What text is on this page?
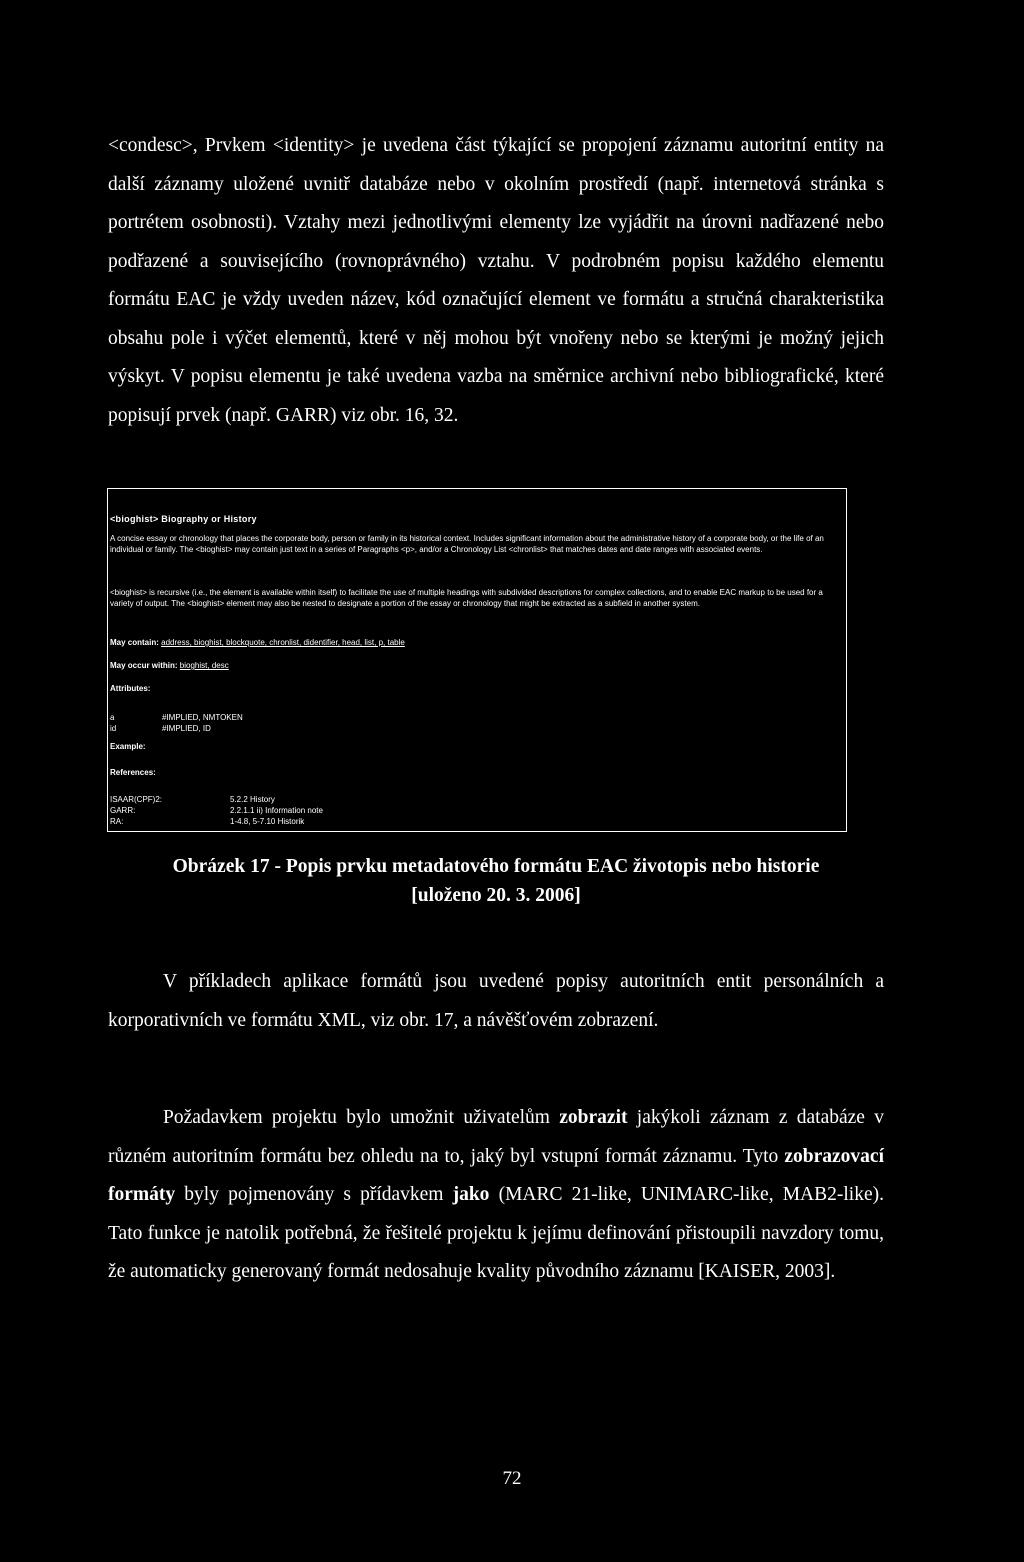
<condesc>, Prvkem <identity> je uvedena část týkající se propojení záznamu autoritní entity na další záznamy uložené uvnitř databáze nebo v okolním prostředí (např. internetová stránka s portrétem osobnosti). Vztahy mezi jednotlivými elementy lze vyjádřit na úrovni nadřazené nebo podřazené a souvisejícího (rovnoprávného) vztahu. V podrobném popisu každého elementu formátu EAC je vždy uveden název, kód označující element ve formátu a stručná charakteristika obsahu pole i výčet elementů, které v něj mohou být vnořeny nebo se kterými je možný jejich výskyt. V popisu elementu je také uvedena vazba na směrnice archivní nebo bibliografické, které popisují prvek (např. GARR) viz obr. 16, 32.

<bioghist> Biography or History
A concise essay or chronology that places the corporate body, person or family in its historical context. Includes significant information about the administrative history of a corporate body, or the life of an individual or family. The <bioghist> may contain just text in a series of Paragraphs <p>, and/or a Chronology List <chronlist> that matches dates and date ranges with associated events.
<bioghist> is recursive (i.e., the element is available within itself) to facilitate the use of multiple headings with subdivided descriptions for complex collections, and to enable EAC markup to be used for a variety of output. The <bioghist> element may also be nested to designate a portion of the essay or chronology that might be extracted as a subfield in another system.
May contain: address, bioghist, blockquote, chronlist, didentifier, head, list, p, table
May occur within: bioghist, desc
Attributes:
a	#IMPLIED, NMTOKEN
id	#IMPLIED, ID
Example:
References:
ISAAR(CPF)2:	5.2.2 History
GARR:	2.2.1.1 ii) Information note
RA:	1-4.8, 5-7.10 Historik
Obrázek 17 - Popis prvku metadatového formátu EAC životopis nebo historie
[uloženo 20. 3. 2006]

V příkladech aplikace formátů jsou uvedené popisy autoritních entit personálních a korporativních ve formátu XML, viz obr. 17, a návěšťovém zobrazení.

Požadavkem projektu bylo umožnit uživatelům zobrazit jakýkoli záznam z databáze v různém autoritním formátu bez ohledu na to, jaký byl vstupní formát záznamu. Tyto zobrazovací formáty byly pojmenovány s přídavkem jako (MARC 21-like, UNIMARC-like, MAB2-like). Tato funkce je natolik potřebná, že řešitelé projektu k jejímu definování přistoupili navzdory tomu, že automaticky generovaný formát nedosahuje kvality původního záznamu [KAISER, 2003].

72
